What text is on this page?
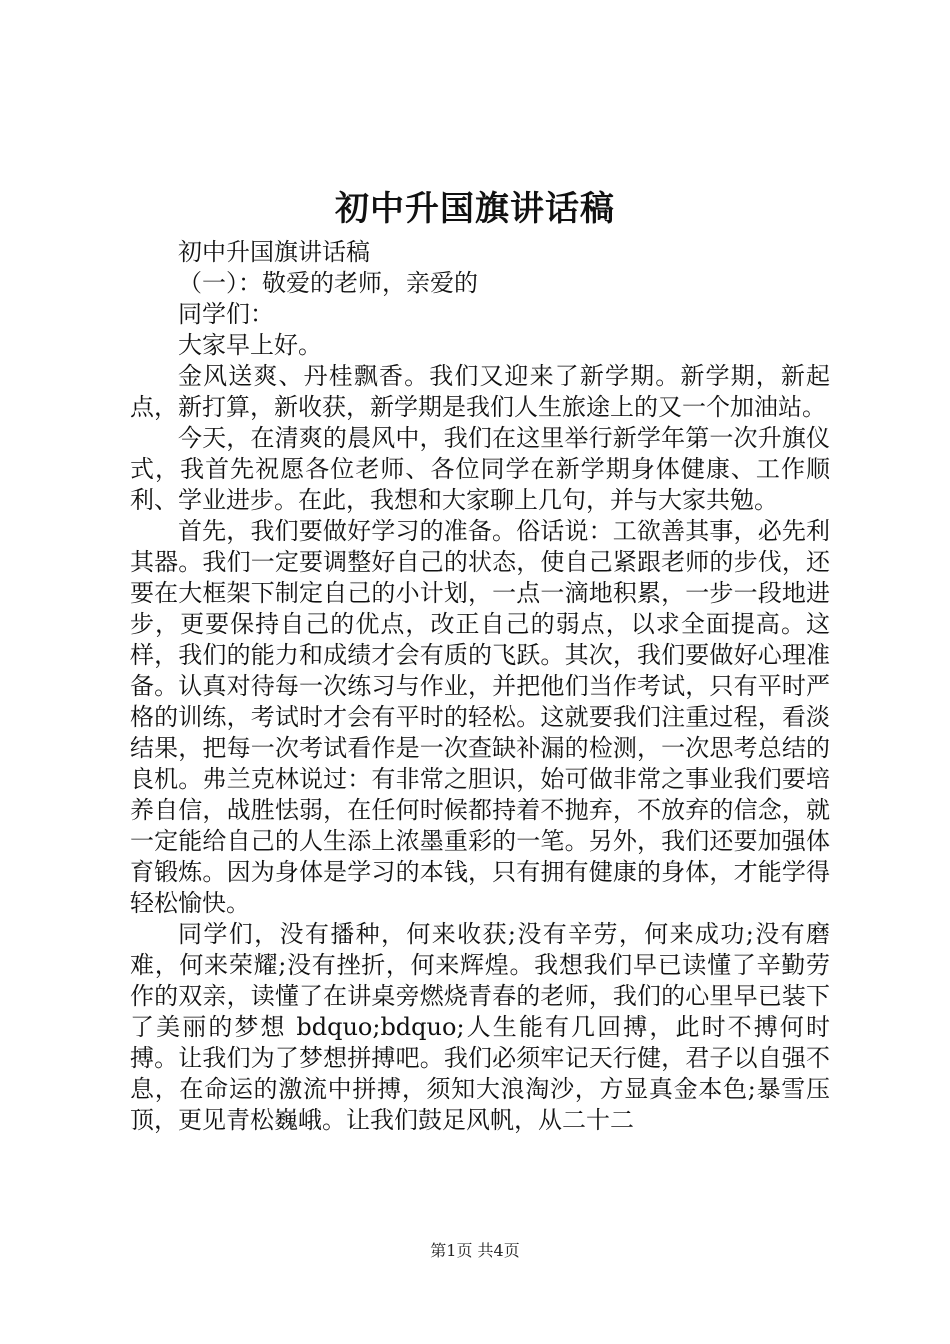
初中升国旗讲话稿

初中升国旗讲话稿

（一）：敬爱的老师，亲爱的

同学们：

大家早上好。

金风送爽、丹桂飘香。我们又迎来了新学期。新学期，新起点，新打算，新收获，新学期是我们人生旅途上的又一个加油站。

今天，在清爽的晨风中，我们在这里举行新学年第一次升旗仪式，我首先祝愿各位老师、各位同学在新学期身体健康、工作顺利、学业进步。在此，我想和大家聊上几句，并与大家共勉。

首先，我们要做好学习的准备。俗话说：工欲善其事，必先利其器。我们一定要调整好自己的状态，使自己紧跟老师的步伐，还要在大框架下制定自己的小计划，一点一滴地积累，一步一段地进步，更要保持自己的优点，改正自己的弱点，以求全面提高。这样，我们的能力和成绩才会有质的飞跃。其次，我们要做好心理准备。认真对待每一次练习与作业，并把他们当作考试，只有平时严格的训练，考试时才会有平时的轻松。这就要我们注重过程，看淡结果，把每一次考试看作是一次查缺补漏的检测，一次思考总结的良机。弗兰克林说过：有非常之胆识，始可做非常之事业我们要培养自信，战胜怯弱，在任何时候都持着不抛弃，不放弃的信念，就一定能给自己的人生添上浓墨重彩的一笔。另外，我们还要加强体育锻炼。因为身体是学习的本钱，只有拥有健康的身体，才能学得轻松愉快。

同学们，没有播种，何来收获;没有辛劳，何来成功;没有磨难，何来荣耀;没有挫折，何来辉煌。我想我们早已读懂了辛勤劳作的双亲，读懂了在讲桌旁燃烧青春的老师，我们的心里早已装下了美丽的梦想 bdquo;bdquo;人生能有几回搏，此时不搏何时搏。让我们为了梦想拼搏吧。我们必须牢记天行健，君子以自强不息，在命运的激流中拼搏，须知大浪淘沙，方显真金本色;暴雪压顶，更见青松巍峨。让我们鼓足风帆，从二十二

第1页 共4页
